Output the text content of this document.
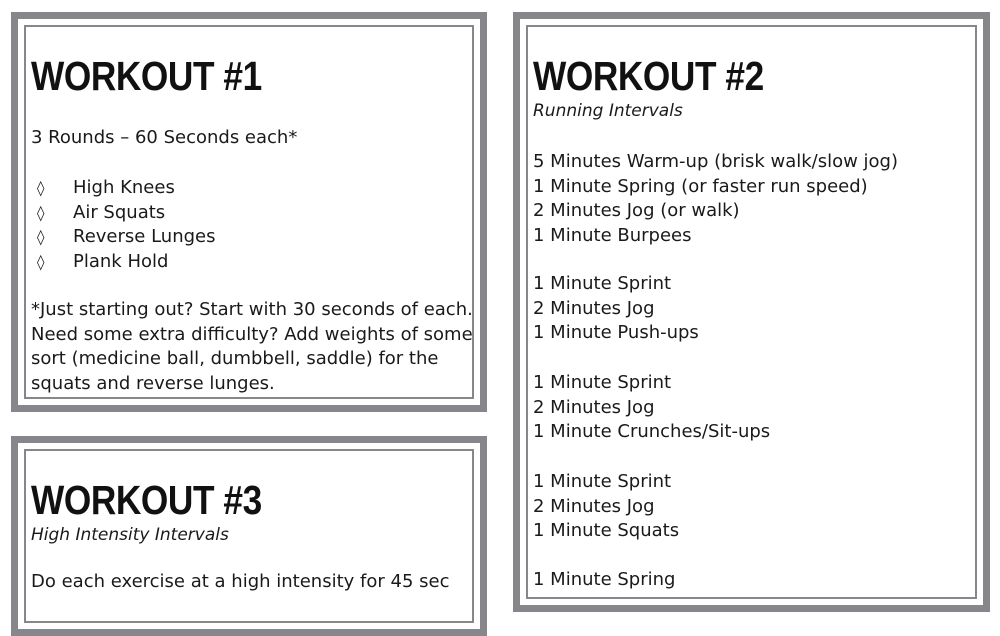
WORKOUT #1

3 Rounds – 60 Seconds each*

◊ High Knees
◊ Air Squats
◊ Reverse Lunges
◊ Plank Hold

*Just starting out? Start with 30 seconds of each. Need some extra difficulty? Add weights of some sort (medicine ball, dumbbell, saddle) for the squats and reverse lunges.

WORKOUT #2

Running Intervals

5 Minutes Warm-up (brisk walk/slow jog)
1 Minute Spring (or faster run speed)
2 Minutes Jog (or walk)
1 Minute Burpees
1 Minute Sprint
2 Minutes Jog
1 Minute Push-ups
1 Minute Sprint
2 Minutes Jog
1 Minute Crunches/Sit-ups
1 Minute Sprint
2 Minutes Jog
1 Minute Squats
1 Minute Spring
WORKOUT #3

High Intensity Intervals

Do each exercise at a high intensity for 45 sec
